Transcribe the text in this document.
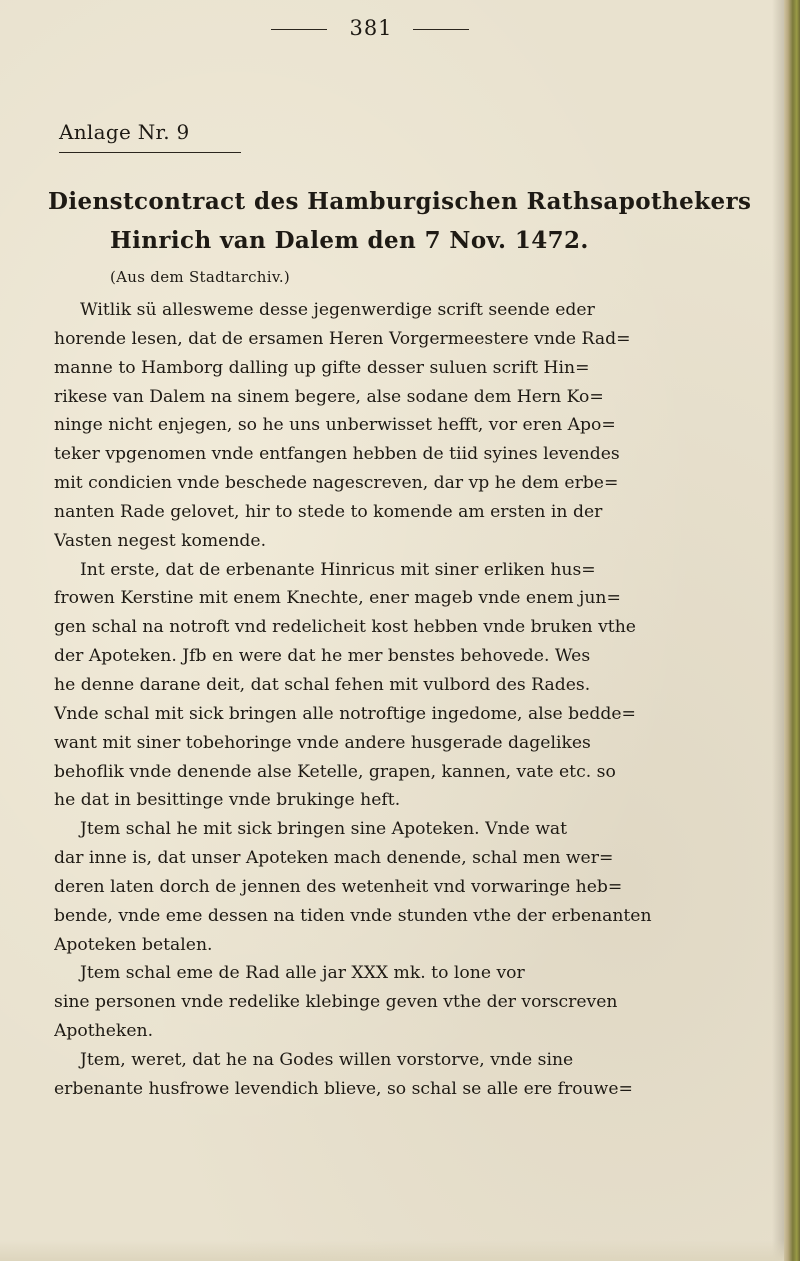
381
Anlage Nr. 9
Dienstcontract des Hamburgischen Rathsapothekers
Hinrich van Dalem den 7 Nov. 1472.
(Aus dem Stadtarchiv.)

Witlik sü allesweme desse jegenwerdige scrift seende eder
horende lesen, dat de ersamen Heren Vorgermeestere vnde Rad=
manne to Hamborg dalling up gifte desser suluen scrift Hin=
rikese van Dalem na sinem begere, alse sodane dem Hern Ko=
ninge nicht enjegen, so he uns unberwisset hefft, vor eren Apo=
teker vpgenomen vnde entfangen hebben de tiid syines levendes
mit condicien vnde beschede nagescreven, dar vp he dem erbe=
nanten Rade gelovet, hir to stede to komende am ersten in der
Vasten negest komende.

Int erste, dat de erbenante Hinricus mit siner erliken hus=
frowen Kerstine mit enem Knechte, ener mageb vnde enem jun=
gen schal na notroft vnd redelicheit kost hebben vnde bruken vthe
der Apoteken. Jfb en were dat he mer benstes behovede. Wes
he denne darane deit, dat schal fehen mit vulbord des Rades.
Vnde schal mit sick bringen alle notroftige ingedome, alse bedde=
want mit siner tobehoringe vnde andere husgerade dagelikes
behoflik vnde denende alse Ketelle, grapen, kannen, vate etc. so
he dat in besittinge vnde brukinge heft.

Jtem schal he mit sick bringen sine Apoteken. Vnde wat
dar inne is, dat unser Apoteken mach denende, schal men wer=
deren laten dorch de jennen des wetenheit vnd vorwaringe heb=
bende, vnde eme dessen na tiden vnde stunden vthe der erbenanten
Apoteken betalen.

Jtem schal eme de Rad alle jar XXX mk. to lone vor
sine personen vnde redelike klebinge geven vthe der vorscreven
Apotheken.

Jtem, weret, dat he na Godes willen vorstorve, vnde sine
erbenante husfrowe levendich blieve, so schal se alle ere frouwe=
